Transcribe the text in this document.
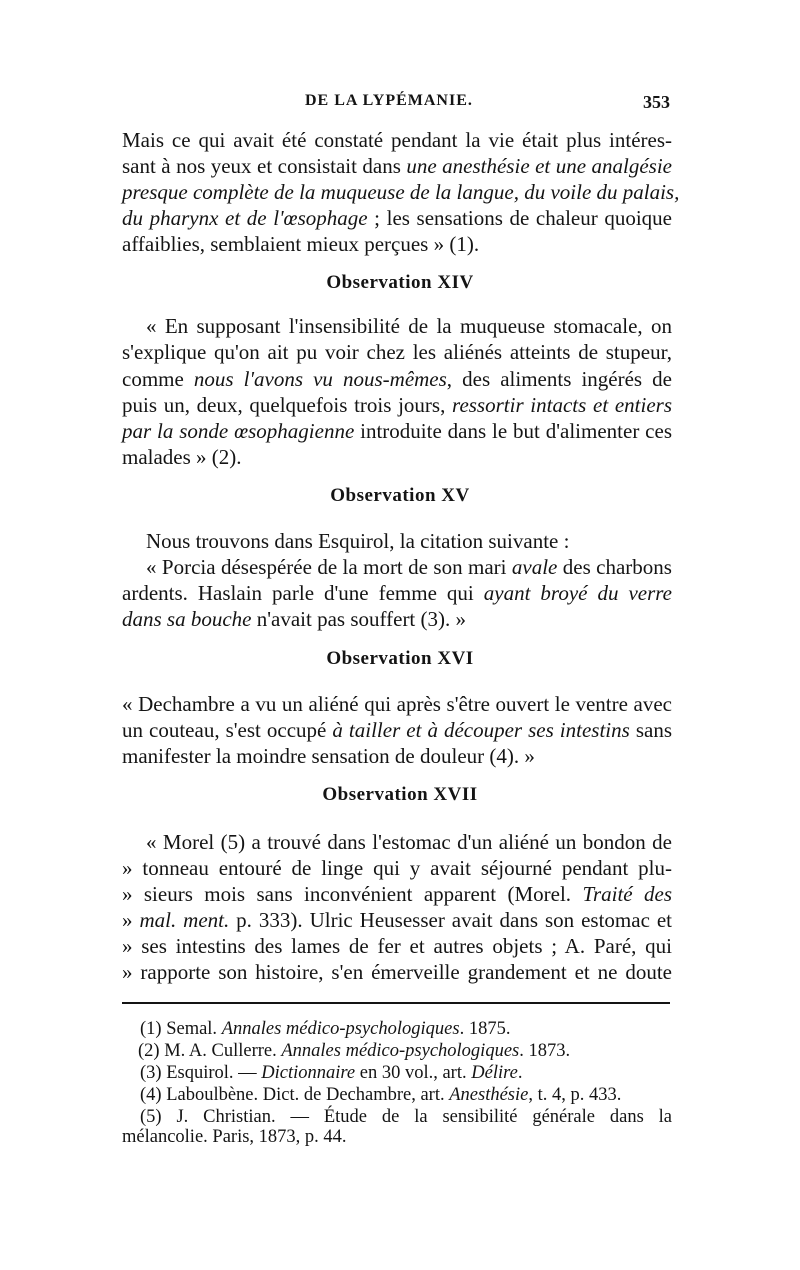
DE LA LYPÉMANIE.	353
Mais ce qui avait été constaté pendant la vie était plus intéres-
sant à nos yeux et consistait dans une anesthésie et une analgésie
presque complète de la muqueuse de la langue, du voile du palais,
du pharynx et de l'œsophage ; les sensations de chaleur quoique
affaiblies, semblaient mieux perçues » (1).
Observation XIV
« En supposant l'insensibilité de la muqueuse stomacale, on
s'explique qu'on ait pu voir chez les aliénés atteints de stupeur,
comme nous l'avons vu nous-mêmes, des aliments ingérés de
puis un, deux, quelquefois trois jours, ressortir intacts et entiers
par la sonde œsophagienne introduite dans le but d'alimenter ces
malades » (2).
Observation XV
Nous trouvons dans Esquirol, la citation suivante :
« Porcia désespérée de la mort de son mari avale des charbons
ardents. Haslain parle d'une femme qui ayant broyé du verre
dans sa bouche n'avait pas souffert (3). »
Observation XVI
« Dechambre a vu un aliéné qui après s'être ouvert le ventre avec
un couteau, s'est occupé à tailler et à découper ses intestins sans
manifester la moindre sensation de douleur (4). »
Observation XVII
« Morel (5) a trouvé dans l'estomac d'un aliéné un bondon de
» tonneau entouré de linge qui y avait séjourné pendant plu-
» sieurs mois sans inconvénient apparent (Morel. Traité des
» mal. ment. p. 333). Ulric Heusesser avait dans son estomac et
» ses intestins des lames de fer et autres objets ; A. Paré, qui
» rapporte son histoire, s'en émerveille grandement et ne doute
(1) Semal. Annales médico-psychologiques. 1875.
(2) M. A. Cullerre. Annales médico-psychologiques. 1873.
(3) Esquirol. — Dictionnaire en 30 vol., art. Délire.
(4) Laboulbène. Dict. de Dechambre, art. Anesthésie, t. 4, p. 433.
(5) J. Christian. — Étude de la sensibilité générale dans la
mélancolie. Paris, 1873, p. 44.
